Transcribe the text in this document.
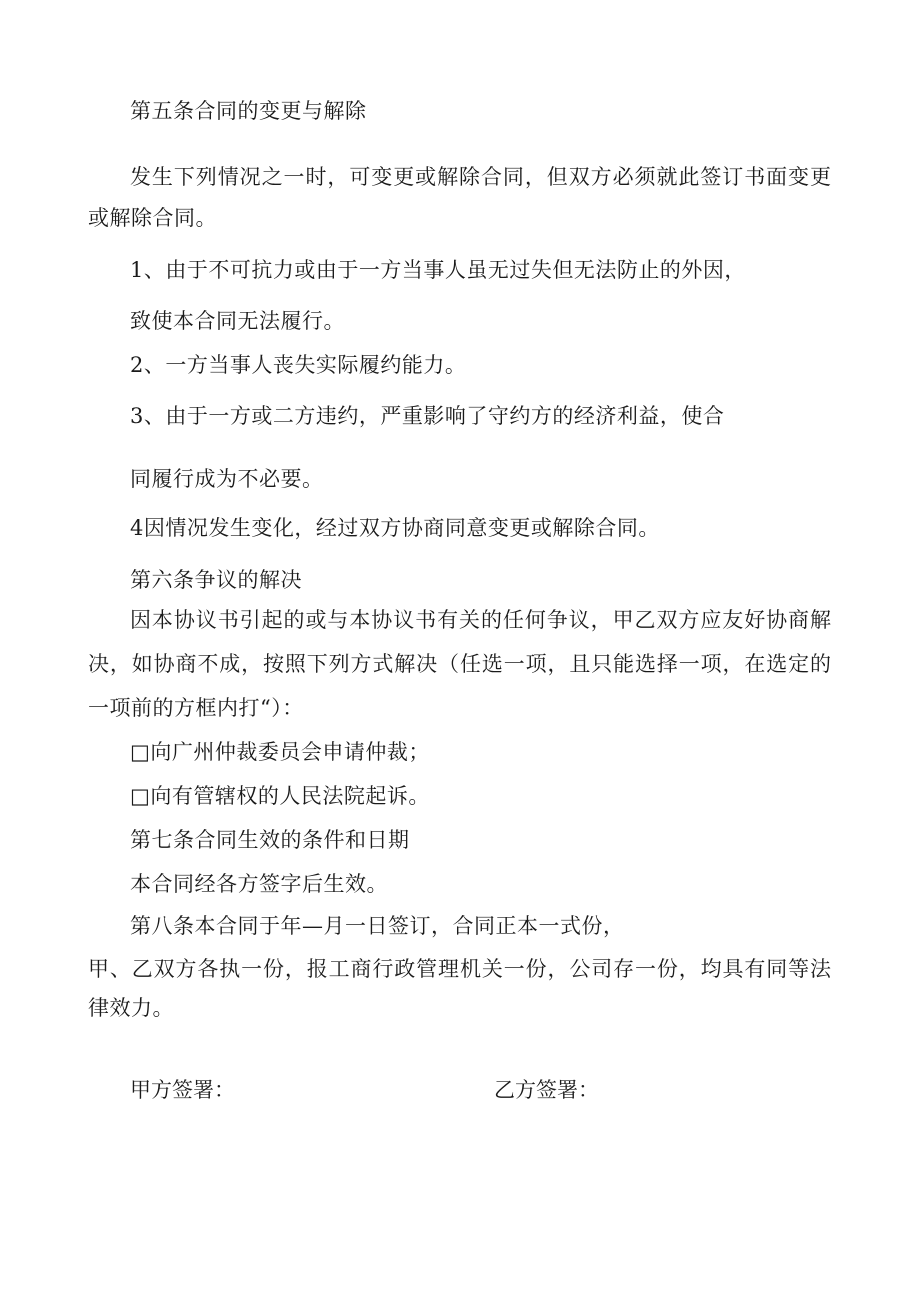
第五条合同的变更与解除
发生下列情况之一时，可变更或解除合同，但双方必须就此签订书面变更
或解除合同。
1、由于不可抗力或由于一方当事人虽无过失但无法防止的外因，
致使本合同无法履行。
2、一方当事人丧失实际履约能力。
3、由于一方或二方违约，严重影响了守约方的经济利益，使合
同履行成为不必要。
4因情况发生变化，经过双方协商同意变更或解除合同。
第六条争议的解决
因本协议书引起的或与本协议书有关的任何争议，甲乙双方应友好协商解
决，如协商不成，按照下列方式解决（任选一项，且只能选择一项，在选定的
一项前的方框内打“）：
□向广州仲裁委员会申请仲裁；
□向有管辖权的人民法院起诉。
第七条合同生效的条件和日期
本合同经各方签字后生效。
第八条本合同于年—月一日签订，合同正本一式份，
甲、乙双方各执一份，报工商行政管理机关一份，公司存一份，均具有同等法
律效力。
甲方签署：	乙方签署：
